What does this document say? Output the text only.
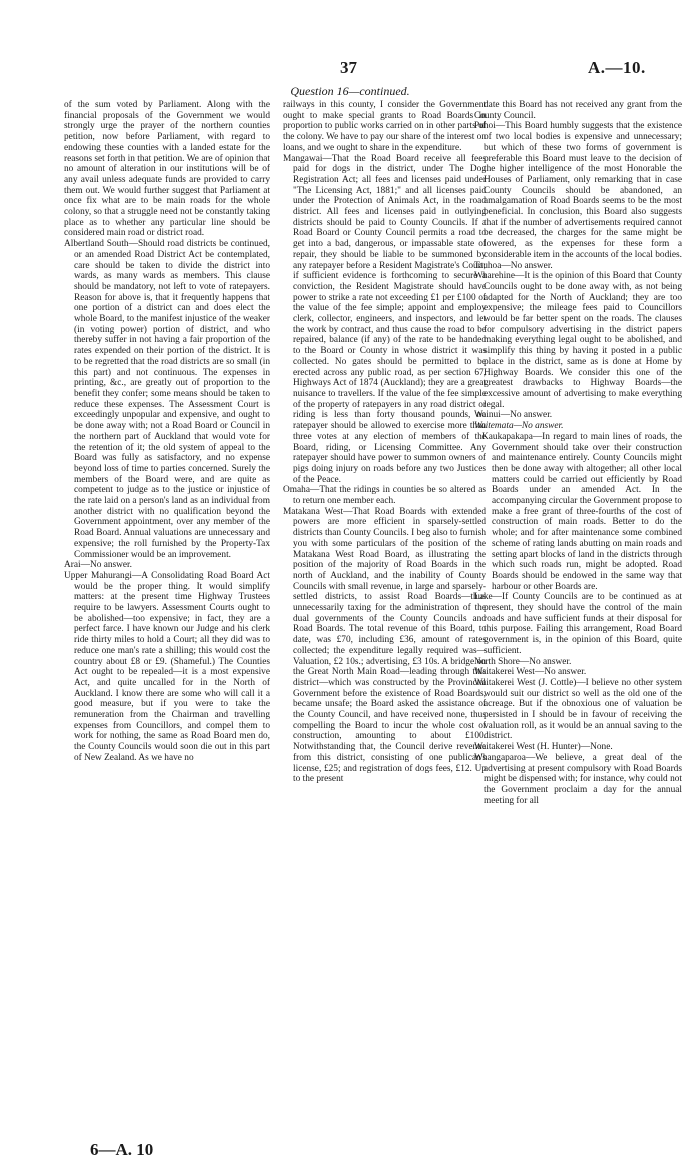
37	A.—10.
Question 16—continued.

of the sum voted by Parliament. Along with the financial proposals of the Government we would strongly urge the prayer of the northern counties petition, now before Parliament, with regard to endowing these counties with a landed estate for the reasons set forth in that petition. We are of opinion that no amount of alteration in our institutions will be of any avail unless adequate funds are provided to carry them out. We would further suggest that Parliament at once fix what are to be main roads for the whole colony, so that a struggle need not be constantly taking place as to whether any particular line should be considered main road or district road.

Albertland South—Should road districts be continued, or an amended Road District Act be contemplated, care should be taken to divide the district into wards, as many wards as members. This clause should be mandatory, not left to vote of ratepayers. Reason for above is, that it frequently happens that one portion of a district can and does elect the whole Board, to the manifest injustice of the weaker (in voting power) portion of district, and who thereby suffer in not having a fair proportion of the rates expended on their portion of the district. It is to be regretted that the road districts are so small (in this part) and not continuous. The expenses in printing, &c., are greatly out of proportion to the benefit they confer; some means should be taken to reduce these expenses. The Assessment Court is exceedingly unpopular and expensive, and ought to be done away with; not a Road Board or Council in the northern part of Auckland that would vote for the retention of it; the old system of appeal to the Board was fully as satisfactory, and no expense beyond loss of time to parties concerned. Surely the members of the Board were, and are quite as competent to judge as to the justice or injustice of the rate laid on a person's land as an individual from another district with no qualification beyond the Government appointment, over any member of the Road Board. Annual valuations are unnecessary and expensive; the roll furnished by the Property-Tax Commissioner would be an improvement.

Arai—No answer.

Upper Mahurangi—A Consolidating Road Board Act would be the proper thing. It would simplify matters: at the present time Highway Trustees require to be lawyers. Assessment Courts ought to be abolished—too expensive; in fact, they are a perfect farce. I have known our Judge and his clerk ride thirty miles to hold a Court; all they did was to reduce one man's rate a shilling; this would cost the country about £8 or £9. (Shameful.) The Counties Act ought to be repealed—it is a most expensive Act, and quite uncalled for in the North of Auckland. I know there are some who will call it a good measure, but if you were to take the remuneration from the Chairman and travelling expenses from Councillors, and compel them to work for nothing, the same as Road Board men do, the County Councils would soon die out in this part of New Zealand. As we have no

railways in this county, I consider the Government ought to make special grants to Road Boards in proportion to public works carried on in other parts of the colony. We have to pay our share of the interest on loans, and we ought to share in the expenditure.

Mangawai—That the Road Board receive all fees paid for dogs in the district, under The Dog Registration Act; all fees and licenses paid under "The Licensing Act, 1881;" and all licenses paid under the Protection of Animals Act, in the road district. All fees and licenses paid in outlying districts should be paid to County Councils. If a Road Board or County Council permits a road to get into a bad, dangerous, or impassable state of repair, they should be liable to be summoned by any ratepayer before a Resident Magistrate's Court; if sufficient evidence is forthcoming to secure a conviction, the Resident Magistrate should have power to strike a rate not exceeding £1 per £100 of the value of the fee simple; appoint and employ clerk, collector, engineers, and inspectors, and let the work by contract, and thus cause the road to be repaired, balance (if any) of the rate to be handed to the Board or County in whose district it was collected. No gates should be permitted to be erected across any public road, as per section 67, Highways Act of 1874 (Auckland); they are a great nuisance to travellers. If the value of the fee simple of the property of ratepayers in any road district or riding is less than forty thousand pounds, no ratepayer should be allowed to exercise more than three votes at any election of members of the Board, riding, or Licensing Committee. Any ratepayer should have power to summon owners of pigs doing injury on roads before any two Justices of the Peace.

Omaha—That the ridings in counties be so altered as to return one member each.

Matakana West—That Road Boards with extended powers are more efficient in sparsely-settled districts than County Councils. I beg also to furnish you with some particulars of the position of the Matakana West Road Board, as illustrating the position of the majority of Road Boards in the north of Auckland, and the inability of County Councils with small revenue, in large and sparsely-settled districts, to assist Road Boards—thus unnecessarily taxing for the administration of the dual governments of the County Councils and Road Boards. The total revenue of this Board, to date, was £70, including £36, amount of rates collected; the expenditure legally required was—Valuation, £2 10s.; advertising, £3 10s. A bridge on the Great North Main Road—leading through this district—which was constructed by the Provincial Government before the existence of Road Boards, became unsafe; the Board asked the assistance of the County Council, and have received none, thus compelling the Board to incur the whole cost of construction, amounting to about £100. Notwithstanding that, the Council derive revenue from this district, consisting of one publican's license, £25; and registration of dogs fees, £12. Up to the present

date this Board has not received any grant from the County Council.

Puhoi—This Board humbly suggests that the existence of two local bodies is expensive and unnecessary; but which of these two forms of government is preferable this Board must leave to the decision of the higher intelligence of the most Honorable the Houses of Parliament, only remarking that in case County Councils should be abandoned, an amalgamation of Road Boards seems to be the most beneficial. In conclusion, this Board also suggests that if the number of advertisements required cannot be decreased, the charges for the same might be lowered, as the expenses for these form a considerable item in the accounts of the local bodies.

Tauhoa—No answer.

Wharehine—It is the opinion of this Board that County Councils ought to be done away with, as not being adapted for the North of Auckland; they are too expensive; the mileage fees paid to Councillors would be far better spent on the roads. The clauses for compulsory advertising in the district papers making everything legal ought to be abolished, and simplify this thing by having it posted in a public place in the district, same as is done at Home by Highway Boards. We consider this one of the greatest drawbacks to Highway Boards—the excessive amount of advertising to make everything legal.

Wainui—No answer.

Waitemata—No answer.

Kaukapakapa—In regard to main lines of roads, the Government should take over their construction and maintenance entirely. County Councils might then be done away with altogether; all other local matters could be carried out efficiently by Road Boards under an amended Act. In the accompanying circular the Government propose to make a free grant of three-fourths of the cost of construction of main roads. Better to do the whole; and for after maintenance some combined scheme of rating lands abutting on main roads and setting apart blocks of land in the districts through which such roads run, might be adopted. Road Boards should be endowed in the same way that harbour or other Boards are.

Lake—If County Councils are to be continued as at present, they should have the control of the main roads and have sufficient funds at their disposal for this purpose. Failing this arrangement, Road Board government is, in the opinion of this Board, quite sufficient.

North Shore—No answer.

Waitakerei West—No answer.

Waitakerei West (J. Cottle)—I believe no other system would suit our district so well as the old one of the acreage. But if the obnoxious one of valuation be persisted in I should be in favour of receiving the valuation roll, as it would be an annual saving to the district.

Waitakerei West (H. Hunter)—None.

Whangaparoa—We believe, a great deal of the advertising at present compulsory with Road Boards might be dispensed with; for instance, why could not the Government proclaim a day for the annual meeting for all

6—A. 10
